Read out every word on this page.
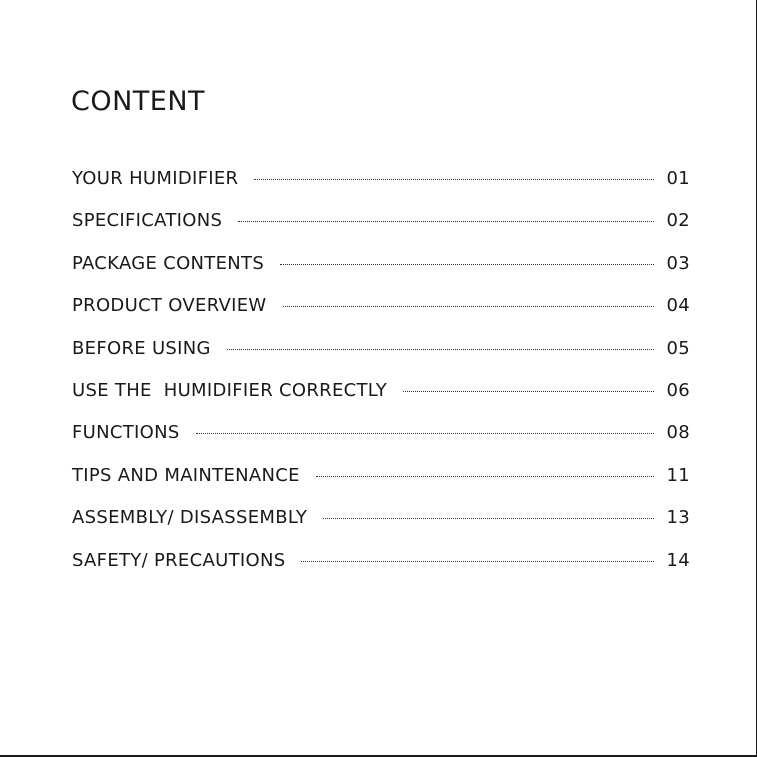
CONTENT
YOUR HUMIDIFIER	01
SPECIFICATIONS	02
PACKAGE CONTENTS	03
PRODUCT OVERVIEW	04
BEFORE USING	05
USE THE  HUMIDIFIER CORRECTLY	06
FUNCTIONS	08
TIPS AND MAINTENANCE	11
ASSEMBLY/ DISASSEMBLY	13
SAFETY/ PRECAUTIONS	14
